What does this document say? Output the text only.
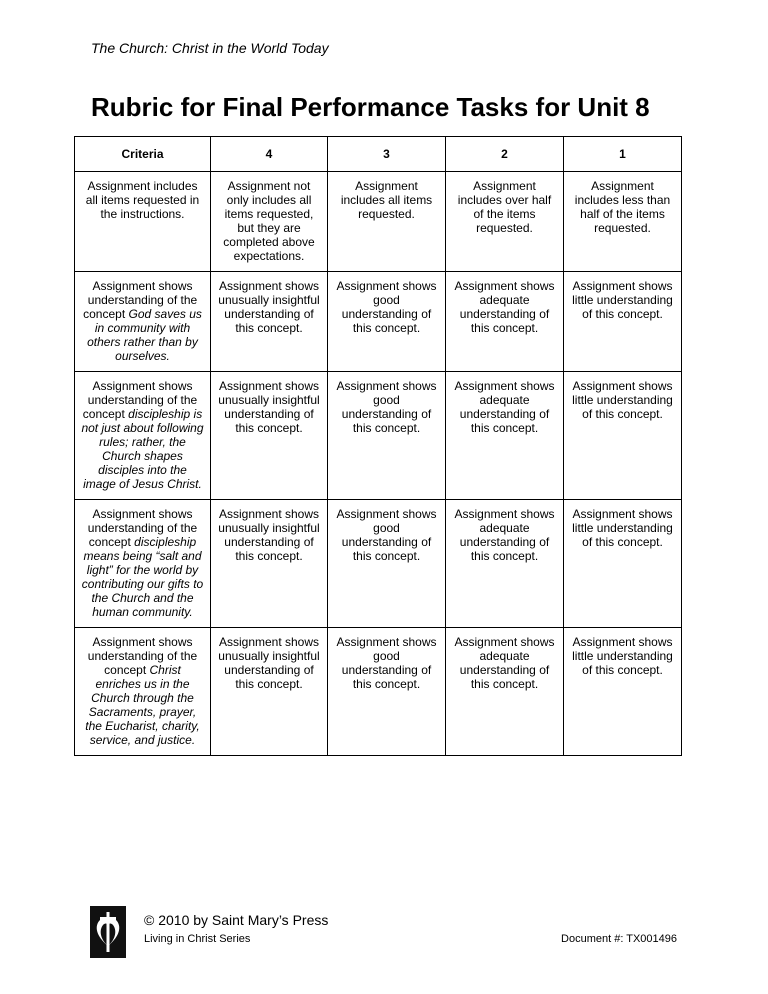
The Church: Christ in the World Today
Rubric for Final Performance Tasks for Unit 8
Criteria	4	3	2	1
Assignment includes all items requested in the instructions.	Assignment not only includes all items requested, but they are completed above expectations.	Assignment includes all items requested.	Assignment includes over half of the items requested.	Assignment includes less than half of the items requested.
Assignment shows understanding of the concept God saves us in community with others rather than by ourselves.	Assignment shows unusually insightful understanding of this concept.	Assignment shows good understanding of this concept.	Assignment shows adequate understanding of this concept.	Assignment shows little understanding of this concept.
Assignment shows understanding of the concept discipleship is not just about following rules; rather, the Church shapes disciples into the image of Jesus Christ.	Assignment shows unusually insightful understanding of this concept.	Assignment shows good understanding of this concept.	Assignment shows adequate understanding of this concept.	Assignment shows little understanding of this concept.
Assignment shows understanding of the concept discipleship means being “salt and light” for the world by contributing our gifts to the Church and the human community.	Assignment shows unusually insightful understanding of this concept.	Assignment shows good understanding of this concept.	Assignment shows adequate understanding of this concept.	Assignment shows little understanding of this concept.
Assignment shows understanding of the concept Christ enriches us in the Church through the Sacraments, prayer, the Eucharist, charity, service, and justice.	Assignment shows unusually insightful understanding of this concept.	Assignment shows good understanding of this concept.	Assignment shows adequate understanding of this concept.	Assignment shows little understanding of this concept.
© 2010 by Saint Mary’s Press
Living in Christ Series	Document #: TX001496
